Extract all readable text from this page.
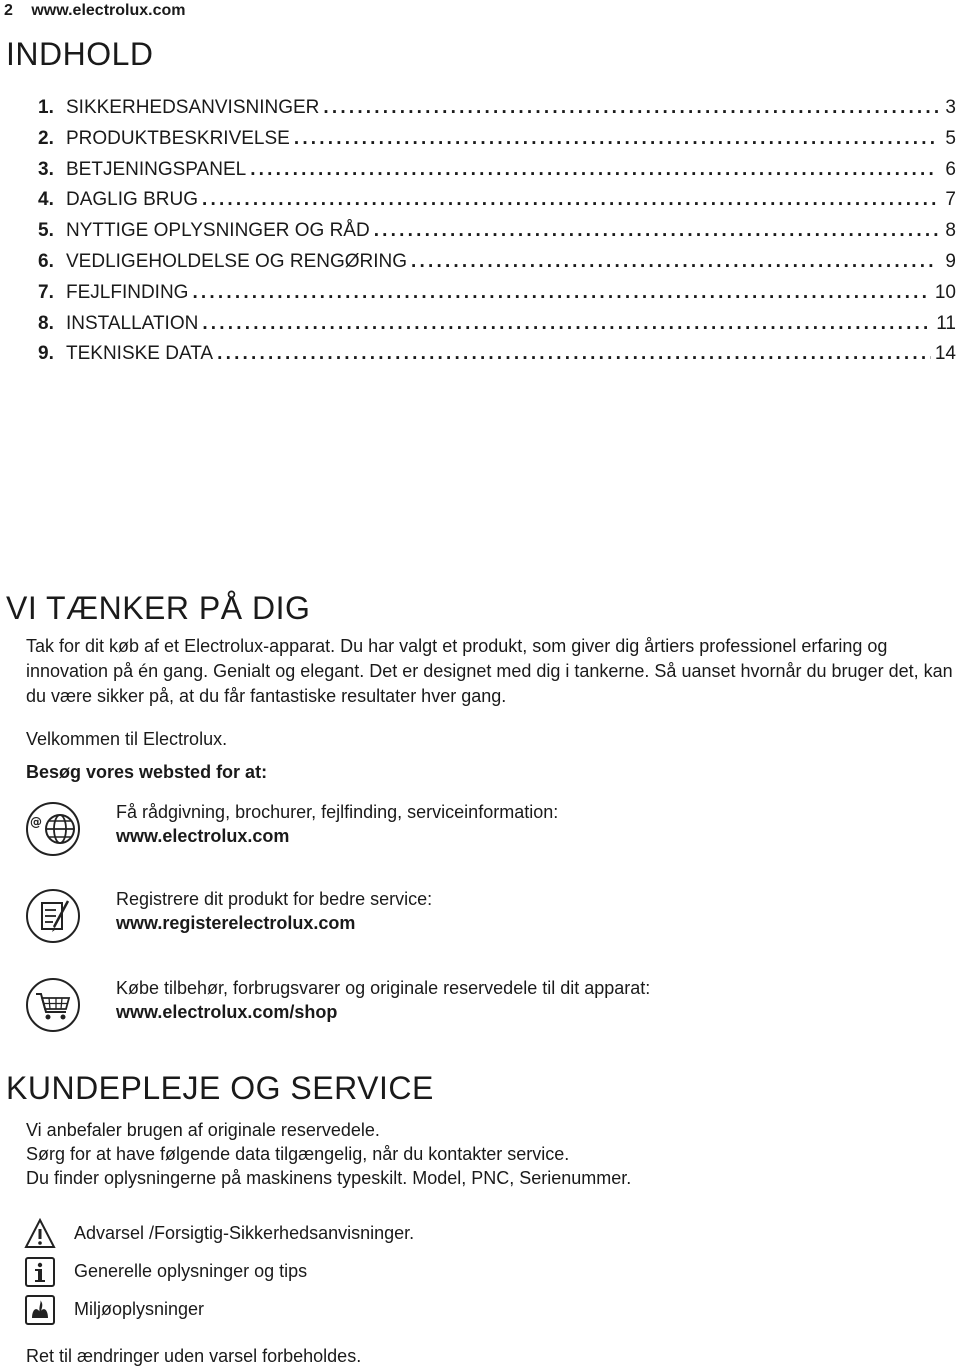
2 www.electrolux.com
INDHOLD
1. SIKKERHEDSANVISNINGER .....	3
2. PRODUKTBESKRIVELSE .....	5
3. BETJENINGSPANEL .....	6
4. DAGLIG BRUG .....	7
5. NYTTIGE OPLYSNINGER OG RÅD .....	8
6. VEDLIGEHOLDELSE OG RENGØRING .....	9
7. FEJLFINDING .....	10
8. INSTALLATION .....	11
9. TEKNISKE DATA .....	14
VI TÆNKER PÅ DIG
Tak for dit køb af et Electrolux-apparat. Du har valgt et produkt, som giver dig årtiers professionel erfaring og innovation på én gang. Genialt og elegant. Det er designet med dig i tankerne. Så uanset hvornår du bruger det, kan du være sikker på, at du får fantastiske resultater hver gang.
Velkommen til Electrolux.
Besøg vores websted for at:
@	Få rådgivning, brochurer, fejlfinding, serviceinformation:
www.electrolux.com
Registrere dit produkt for bedre service:
www.registerelectrolux.com
Købe tilbehør, forbrugsvarer og originale reservedele til dit apparat:
www.electrolux.com/shop
KUNDEPLEJE OG SERVICE
Vi anbefaler brugen af originale reservedele.
Sørg for at have følgende data tilgængelig, når du kontakter service.
Du finder oplysningerne på maskinens typeskilt. Model, PNC, Serienummer.
Advarsel /Forsigtig-Sikkerhedsanvisninger.
Generelle oplysninger og tips
Miljøoplysninger
Ret til ændringer uden varsel forbeholdes.
